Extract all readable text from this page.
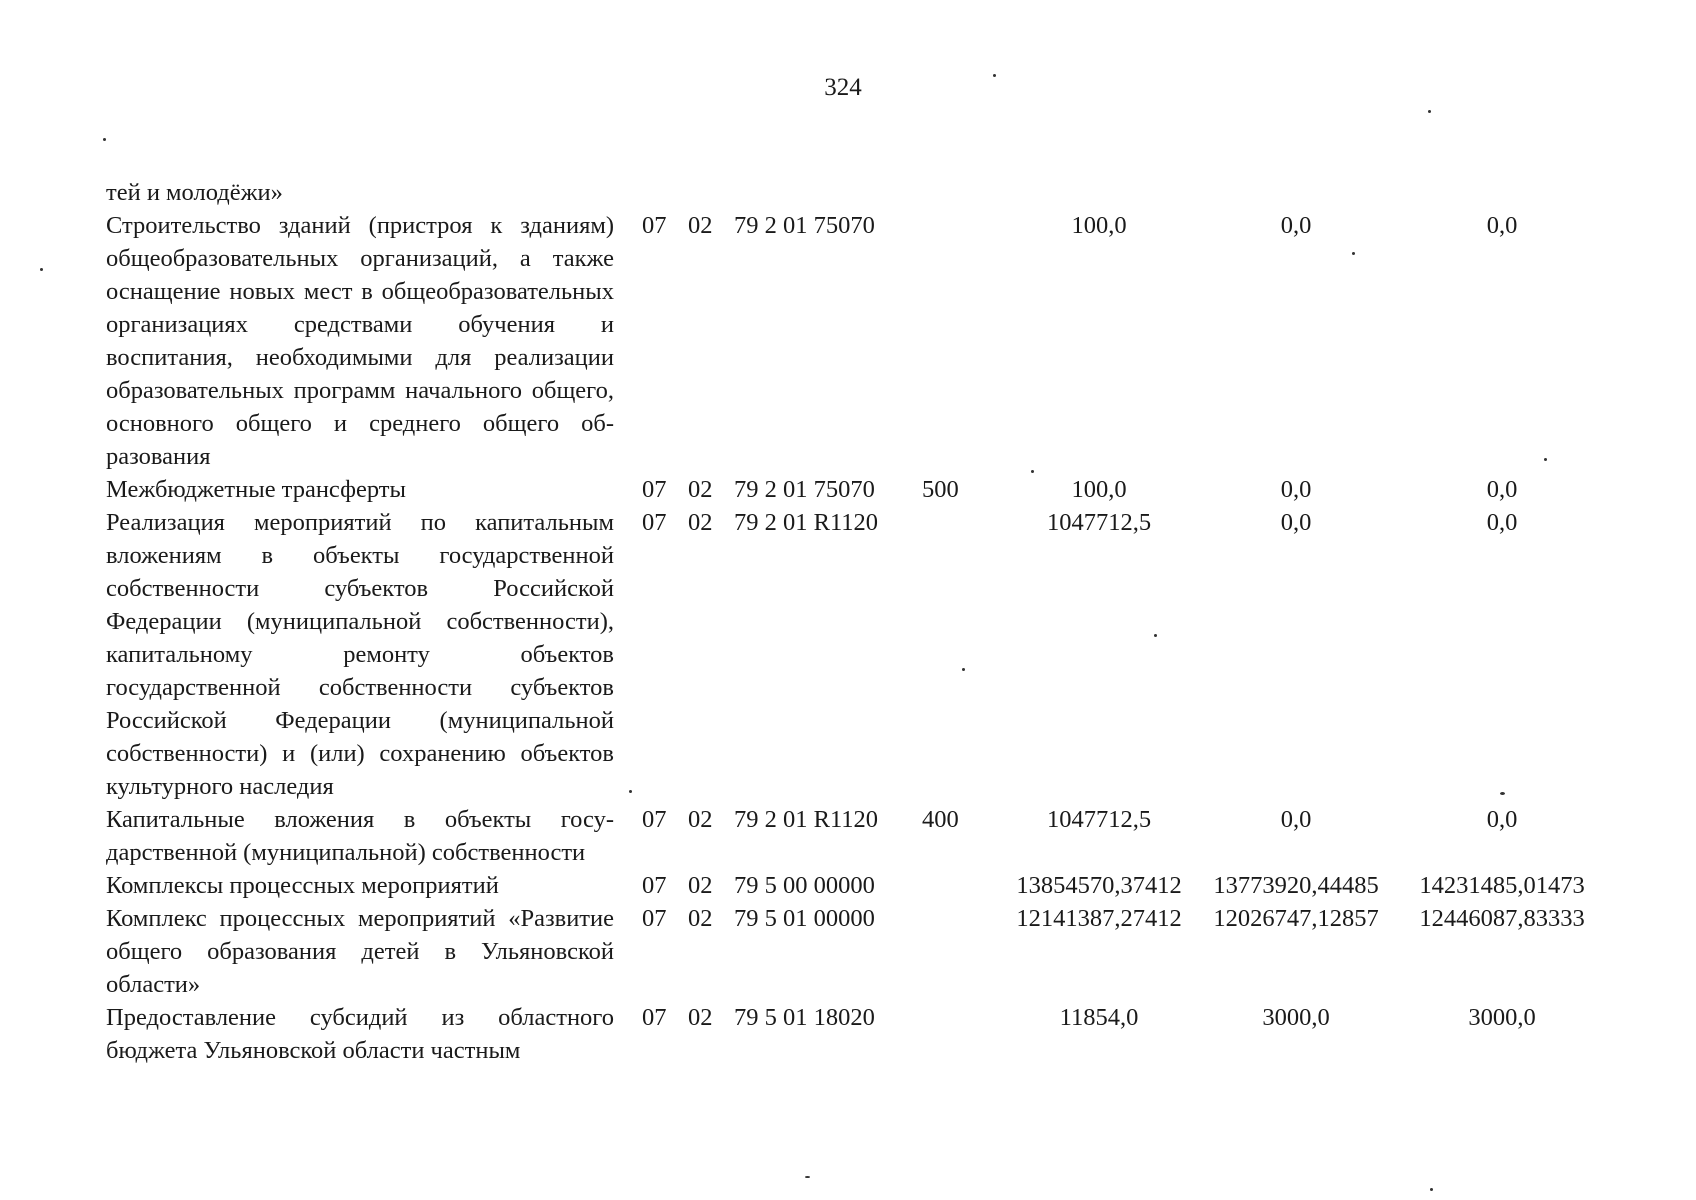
324
тей и молодёжи»
Строительство зданий (пристроя к зданиям) общеобразовательных организаций, а также оснащение новых мест в общеобразовательных организациях средствами обучения и воспитания, необходимыми для реализации образовательных программ начального общего, основного общего и среднего общего образования
07 02 79 2 01 75070	100,0	0,0	0,0
Межбюджетные трансферты	07 02 79 2 01 75070 500	100,0	0,0	0,0
Реализация мероприятий по капитальным вложениям в объекты государственной собственности субъектов Российской Федерации (муниципальной собственности), капитальному ремонту объектов государственной собственности субъектов Российской Федерации (муниципальной собственности) и (или) сохранению объектов культурного наследия
07 02 79 2 01 R1120	1047712,5	0,0	0,0
Капитальные вложения в объекты государственной (муниципальной) собственности
07 02 79 2 01 R1120 400	1047712,5	0,0	0,0
Комплексы процессных мероприятий	07 02 79 5 00 00000	13854570,37412	13773920,44485	14231485,01473
Комплекс процессных мероприятий «Развитие общего образования детей в Ульяновской области»
07 02 79 5 01 00000	12141387,27412	12026747,12857	12446087,83333
Предоставление субсидий из областного бюджета Ульяновской области частным
07 02 79 5 01 18020	11854,0	3000,0	3000,0
